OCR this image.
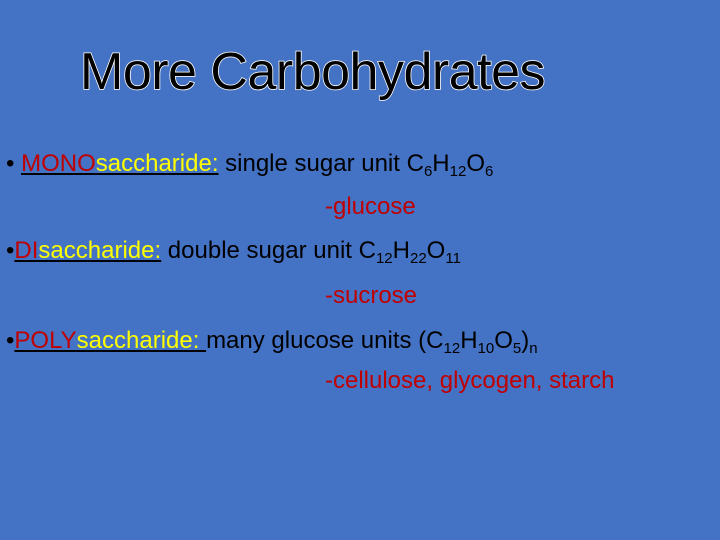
More Carbohydrates
• MONOsaccharide: single sugar unit $C_6H_{12}O_6$
-glucose
•DIsaccharide: double sugar unit $C_{12}H_{22}O_{11}$
-sucrose
•POLYsaccharide: many glucose units $(C_{12}H_{10}O_5)_n$
-cellulose, glycogen, starch
